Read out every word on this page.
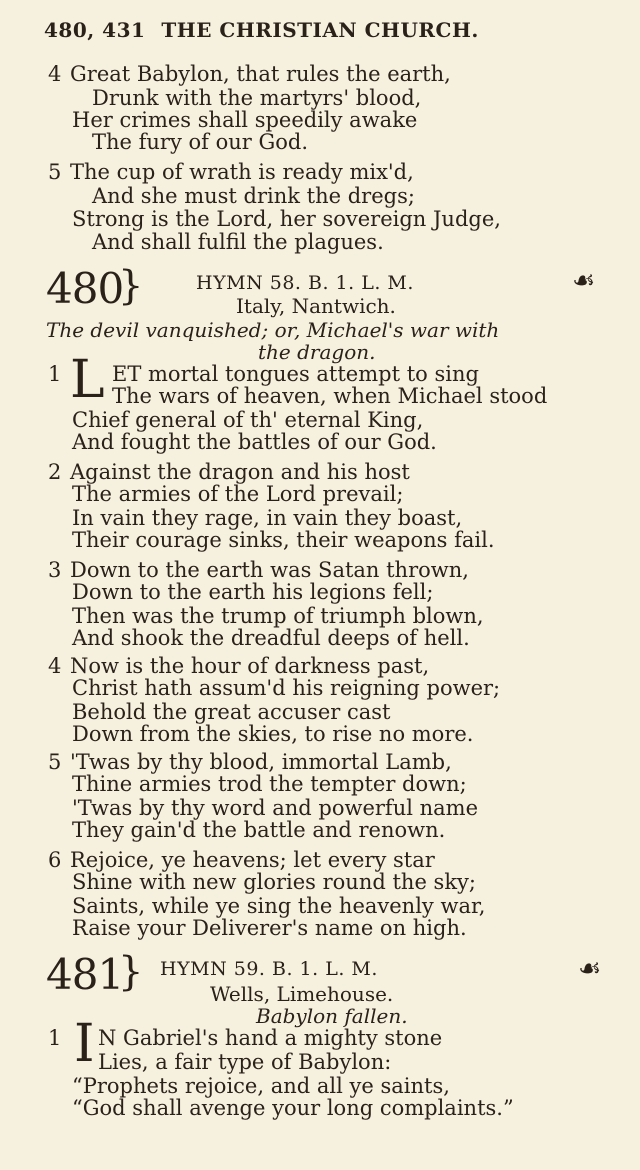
480, 431 THE CHRISTIAN CHURCH.
4 Great Babylon, that rules the earth,
Drunk with the martyrs' blood,
Her crimes shall speedily awake
The fury of our God.
5 The cup of wrath is ready mix'd,
And she must drink the dregs;
Strong is the Lord, her sovereign Judge,
And shall fulfil the plagues.
480
}	HYMN 58. B. 1. L. M.	☙
Italy, Nantwich.
The devil vanquished; or, Michael's war with
the dragon.
1 L ET mortal tongues attempt to sing
The wars of heaven, when Michael stood
Chief general of th' eternal King,
And fought the battles of our God.
2 Against the dragon and his host
The armies of the Lord prevail;
In vain they rage, in vain they boast,
Their courage sinks, their weapons fail.
3 Down to the earth was Satan thrown,
Down to the earth his legions fell;
Then was the trump of triumph blown,
And shook the dreadful deeps of hell.
4 Now is the hour of darkness past,
Christ hath assum'd his reigning power;
Behold the great accuser cast
Down from the skies, to rise no more.
5 'Twas by thy blood, immortal Lamb,
Thine armies trod the tempter down;
'Twas by thy word and powerful name
They gain'd the battle and renown.
6 Rejoice, ye heavens; let every star
Shine with new glories round the sky;
Saints, while ye sing the heavenly war,
Raise your Deliverer's name on high.
481
} HYMN 59. B. 1. L. M.	☙
Wells, Limehouse.
Babylon fallen.
1 I N Gabriel's hand a mighty stone
Lies, a fair type of Babylon:
“Prophets rejoice, and all ye saints,
“God shall avenge your long complaints.”
